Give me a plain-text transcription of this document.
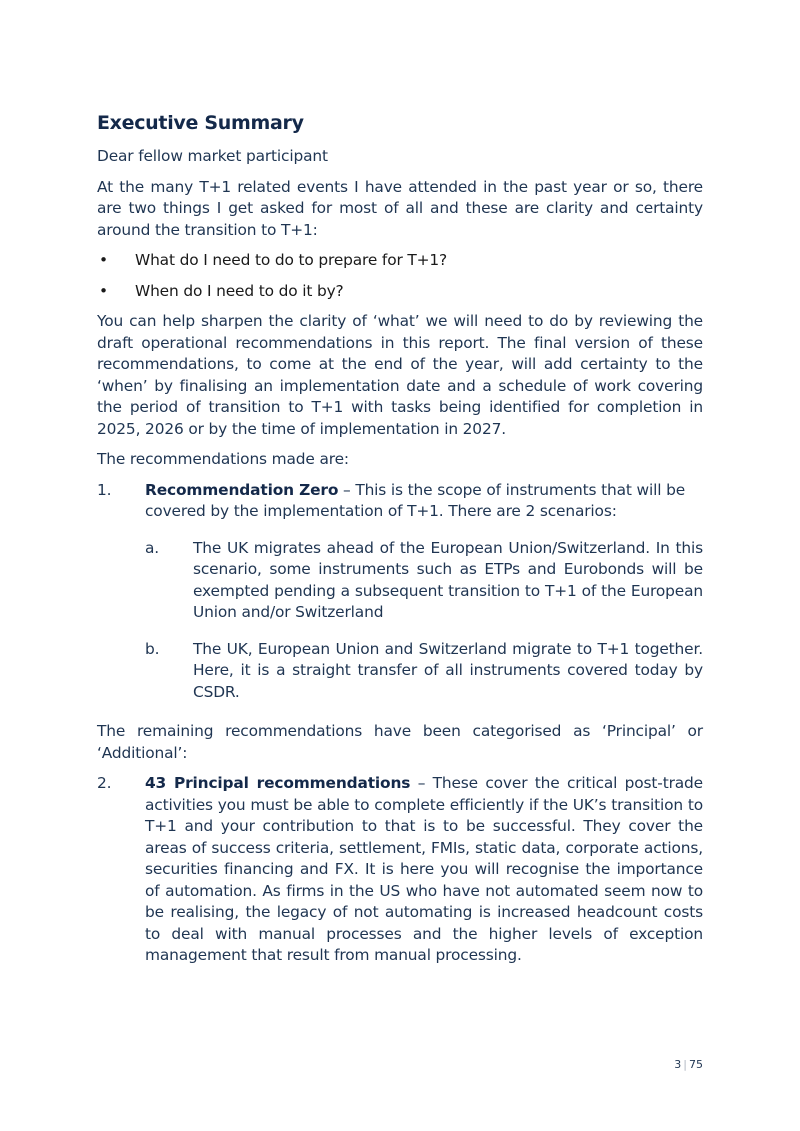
Executive Summary

Dear fellow market participant

At the many T+1 related events I have attended in the past year or so, there are two things I get asked for most of all and these are clarity and certainty around the transition to T+1:

• What do I need to do to prepare for T+1?
• When do I need to do it by?

You can help sharpen the clarity of ‘what’ we will need to do by reviewing the draft operational recommendations in this report. The final version of these recommendations, to come at the end of the year, will add certainty to the ‘when’ by finalising an implementation date and a schedule of work covering the period of transition to T+1 with tasks being identified for completion in 2025, 2026 or by the time of implementation in 2027.

The recommendations made are:

1. Recommendation Zero – This is the scope of instruments that will be covered by the implementation of T+1. There are 2 scenarios:

a. The UK migrates ahead of the European Union/Switzerland. In this scenario, some instruments such as ETPs and Eurobonds will be exempted pending a subsequent transition to T+1 of the European Union and/or Switzerland

b. The UK, European Union and Switzerland migrate to T+1 together. Here, it is a straight transfer of all instruments covered today by CSDR.

The remaining recommendations have been categorised as ‘Principal’ or ‘Additional’:

2. 43 Principal recommendations – These cover the critical post-trade activities you must be able to complete efficiently if the UK’s transition to T+1 and your contribution to that is to be successful. They cover the areas of success criteria, settlement, FMIs, static data, corporate actions, securities financing and FX. It is here you will recognise the importance of automation. As firms in the US who have not automated seem now to be realising, the legacy of not automating is increased headcount costs to deal with manual processes and the higher levels of exception management that result from manual processing.

3 | 75
